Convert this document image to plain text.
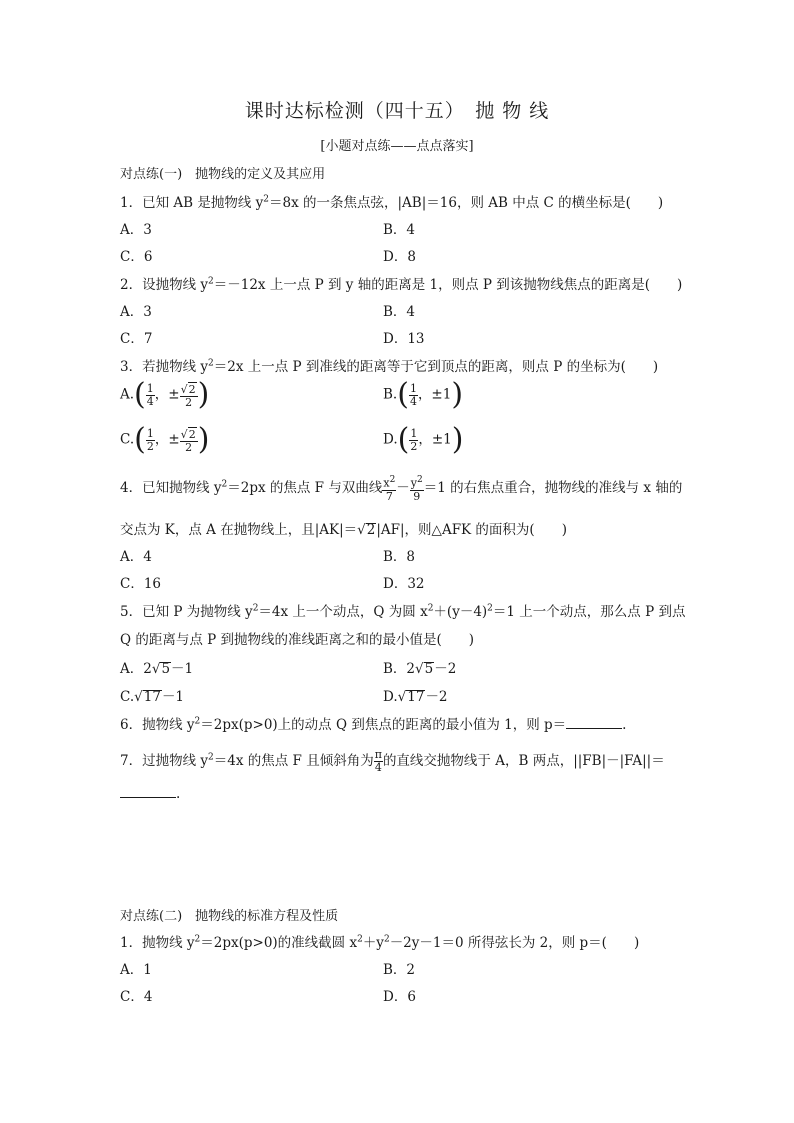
课时达标检测（四十五）　抛 物 线
[小题对点练——点点落实]
对点练(一)　抛物线的定义及其应用
1．已知 AB 是抛物线 $y^2=8x$ 的一条焦点弦，|AB|＝16，则 AB 中点 C 的横坐标是(　　)
A．3	B．4
C．6	D．8
2．设抛物线 $y^2=-12x$ 上一点 P 到 y 轴的距离是 1，则点 P 到该抛物线焦点的距离是(　　)
A．3	B．4
C．7	D．13
3．若抛物线 $y^2=2x$ 上一点 P 到准线的距离等于它到顶点的距离，则点 P 的坐标为(　　)
$A.( \frac{1}{4}$ ，± $\frac{√2}{2}$ )	$B.( \frac{1}{4}$ ，±1)
$C.( \frac{1}{2}$ ，± $\frac{√2}{2}$ )	$D.( \frac{1}{2}$ ，±1)
4．已知抛物线 $y^2=2px$ 的焦点 F 与双曲线 $\frac{x^2}{7} - \frac{y^2}{9} =1$ 的右焦点重合，抛物线的准线与 x 轴的
交点为 K，点 A 在抛物线上，且|AK|＝√2|AF|，则△AFK 的面积为(　　)
A．4	B．8
C．16	D．32
5．已知 P 为抛物线 $y^2=4x$ 上一个动点，Q 为圆 $x^2+(y-4)^2=1$ 上一个动点，那么点 P 到点
Q 的距离与点 P 到抛物线的准线距离之和的最小值是(　　)
A．2√5－1	B．2√5－2
C.√17－1	D.√17－2
6．抛物线 $y^2=2px(p>0)$上的动点 Q 到焦点的距离的最小值为 1，则 p＝	.
7．过抛物线 $y^2=4x$ 的焦点 F 且倾斜角为 $\frac{\pi}{4}$ 的直线交抛物线于 A，B 两点，||FB|－|FA||＝
.
对点练(二)　抛物线的标准方程及性质
1．抛物线 $y^2=2px(p>0)$的准线截圆 $x^2+y^2-2y-1=0$ 所得弦长为 2，则 p＝(　　)
A．1	B．2
C．4	D．6
